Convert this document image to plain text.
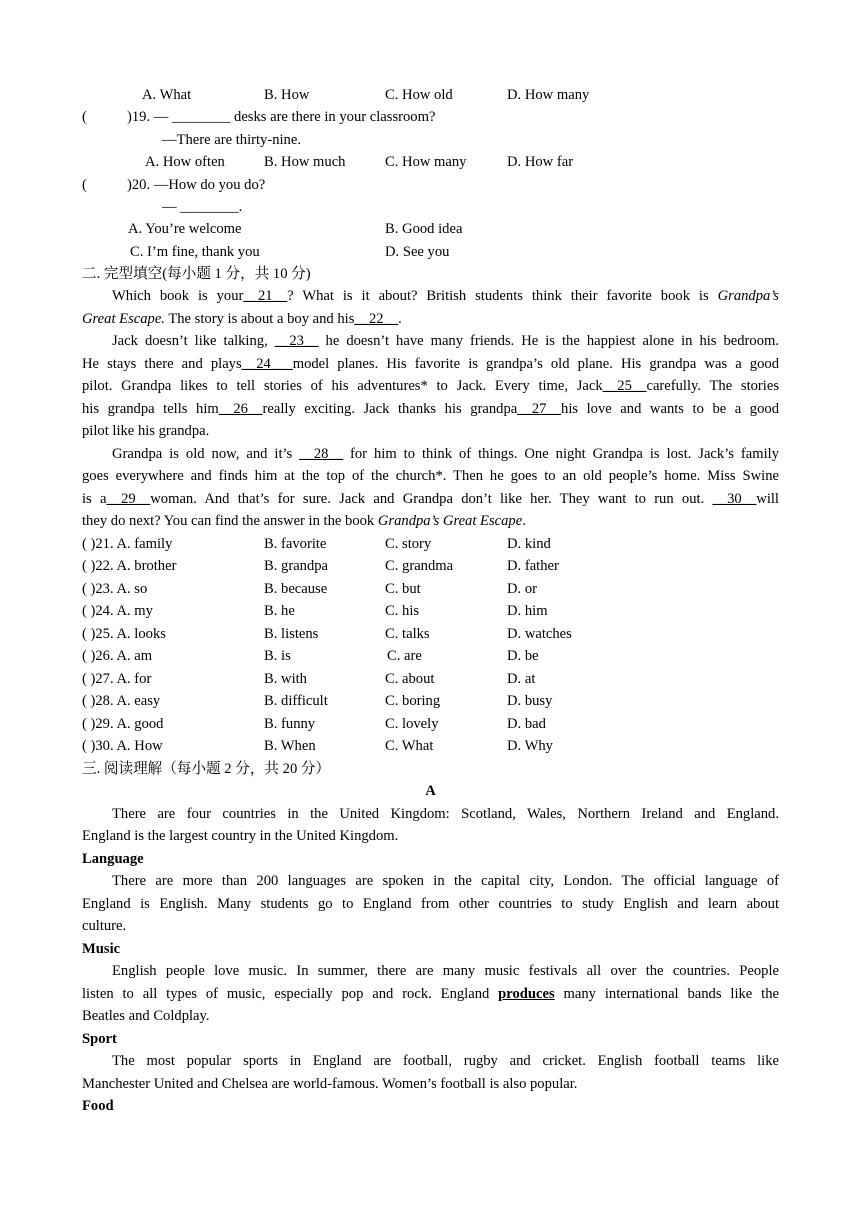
A. What	B. How	C. How old	D. How many
(	)19. — ________ desks are there in your classroom?
—There are thirty-nine.
A. How often	B. How much	C. How many	D. How far
(	)20. —How do you do?
— ________.
A. You’re welcome	B. Good idea
C. I’m fine, thank you	D. See you
二. 完型填空(每小题 1 分，共 10 分)
Which book is your__21__? What is it about? British students think their favorite book is Grandpa’s
Great Escape. The story is about a boy and his__22__.
Jack doesn’t like talking, __23__ he doesn’t have many friends. He is the happiest alone in his bedroom.
He stays there and plays__24___model planes. His favorite is grandpa’s old plane. His grandpa was a good
pilot. Grandpa likes to tell stories of his adventures* to Jack. Every time, Jack__25__carefully. The stories
his grandpa tells him__26__really exciting. Jack thanks his grandpa__27__his love and wants to be a good
pilot like his grandpa.
Grandpa is old now, and it’s __28__ for him to think of things. One night Grandpa is lost. Jack’s family
goes everywhere and finds him at the top of the church*. Then he goes to an old people’s home. Miss Swine
is a__29__woman. And that’s for sure. Jack and Grandpa don’t like her. They want to run out. __30__will
they do next? You can find the answer in the book Grandpa’s Great Escape.
( )21. A. family	B. favorite	C. story	D. kind
( )22. A. brother	B. grandpa	C. grandma	D. father
( )23. A. so	B. because	C. but	D. or
( )24. A. my	B. he	C. his	D. him
( )25. A. looks	B. listens	C. talks	D. watches
( )26. A. am	B. is	C. are	D. be
( )27. A. for	B. with	C. about	D. at
( )28. A. easy	B. difficult	C. boring	D. busy
( )29. A. good	B. funny	C. lovely	D. bad
( )30. A. How	B. When	C. What	D. Why
三. 阅读理解（每小题 2 分，共 20 分）
A
There are four countries in the United Kingdom: Scotland, Wales, Northern Ireland and England.
England is the largest country in the United Kingdom.
Language
There are more than 200 languages are spoken in the capital city, London. The official language of
England is English. Many students go to England from other countries to study English and learn about
culture.
Music
English people love music. In summer, there are many music festivals all over the countries. People
listen to all types of music, especially pop and rock. England produces many international bands like the
Beatles and Coldplay.
Sport
The most popular sports in England are football, rugby and cricket. English football teams like
Manchester United and Chelsea are world-famous. Women’s football is also popular.
Food
